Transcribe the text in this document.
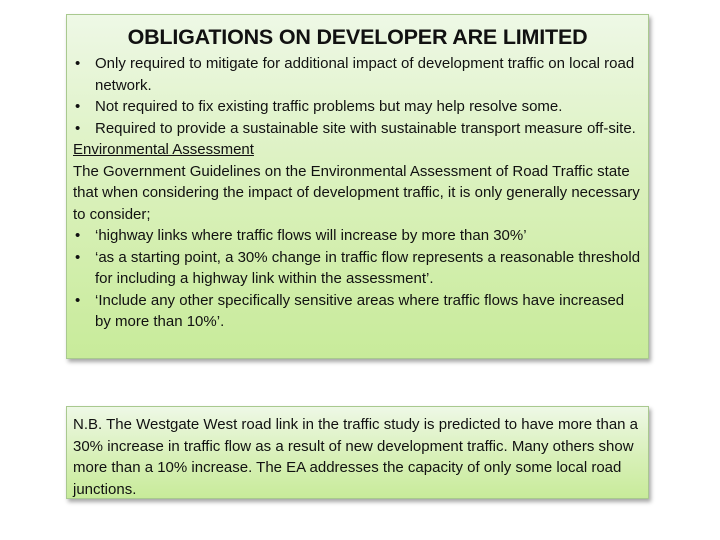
OBLIGATIONS ON DEVELOPER ARE LIMITED
• Only required to mitigate for additional impact of development traffic on local road network.
• Not required to fix existing traffic problems but may help resolve some.
• Required to provide a sustainable site with sustainable transport measure off-site.
Environmental Assessment

The Government Guidelines on the Environmental Assessment of Road Traffic state that when considering the impact of development traffic, it is only generally necessary to consider;

• ‘highway links where traffic flows will increase by more than 30%’
• ‘as a starting point, a 30% change in traffic flow represents a reasonable threshold for including a highway link within the assessment’.
• ‘Include any other specifically sensitive areas where traffic flows have increased by more than 10%’.

N.B. The Westgate West road link in the traffic study is predicted to have more than a 30% increase in traffic flow as a result of new development traffic. Many others show more than a 10% increase. The EA addresses the capacity of only some local road junctions.
